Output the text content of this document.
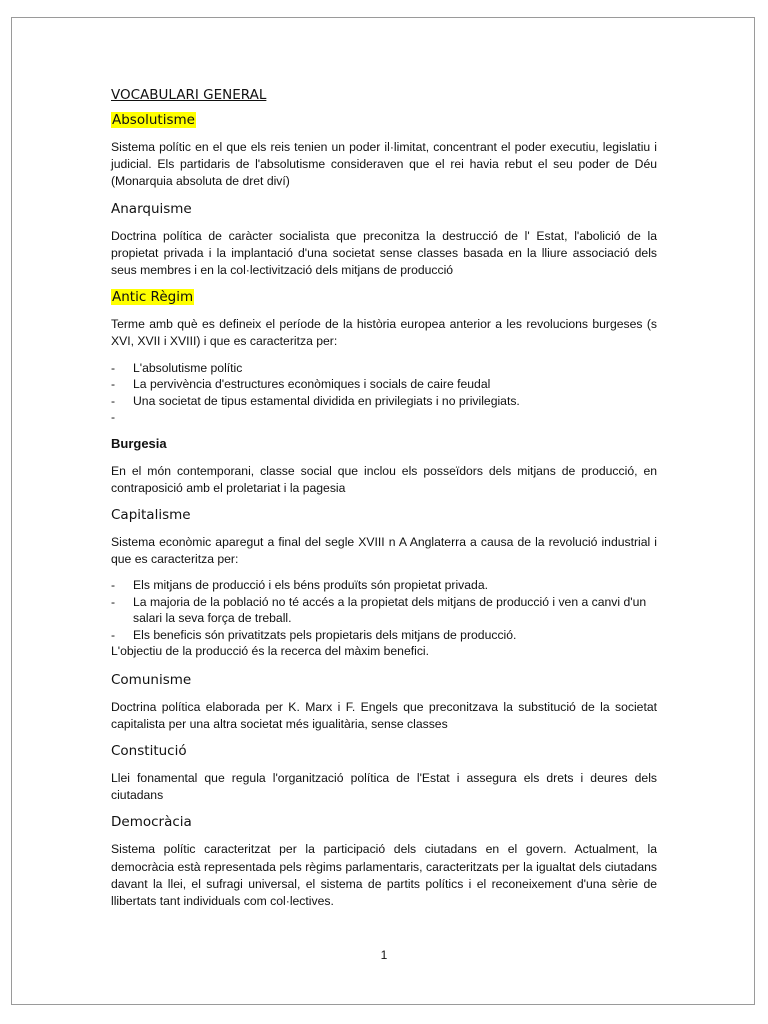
VOCABULARI GENERAL
Absolutisme

Sistema polític en el que els reis tenien un poder il·limitat, concentrant el poder executiu, legislatiu i judicial. Els partidaris de l'absolutisme consideraven que el rei havia rebut el seu poder de Déu (Monarquia absoluta de dret diví)

Anarquisme

Doctrina política de caràcter socialista que preconitza la destrucció de l' Estat, l'abolició de la propietat privada i la implantació d'una societat sense classes basada en la lliure associació dels seus membres i en la col·lectivització dels mitjans de producció

Antic Règim

Terme amb què es defineix el període de la història europea anterior a les revolucions burgeses (s XVI, XVII i XVIII) i que es caracteritza per:

- L'absolutisme polític
- La pervivència d'estructures econòmiques i socials de caire feudal
- Una societat de tipus estamental dividida en privilegiats i no privilegiats.
-

Burgesia

En el món contemporani, classe social que inclou els posseïdors dels mitjans de producció, en contraposició amb el proletariat i la pagesia

Capitalisme

Sistema econòmic aparegut a final del segle XVIII n A Anglaterra a causa de la revolució industrial i que es caracteritza per:

- Els mitjans de producció i els béns produïts són propietat privada.
- La majoria de la població no té accés a la propietat dels mitjans de producció i ven a canvi d'un salari la seva força de treball.
- Els beneficis són privatitzats pels propietaris dels mitjans de producció.

L'objectiu de la producció és la recerca del màxim benefici.

Comunisme

Doctrina política elaborada per K. Marx i F. Engels que preconitzava la substitució de la societat capitalista per una altra societat més igualitària, sense classes

Constitució

Llei fonamental que regula l'organització política de l'Estat i assegura els drets i deures dels ciutadans

Democràcia

Sistema polític caracteritzat per la participació dels ciutadans en el govern. Actualment, la democràcia està representada pels règims parlamentaris, caracteritzats per la igualtat dels ciutadans davant la llei, el sufragi universal, el sistema de partits polítics i el reconeixement d'una sèrie de llibertats tant individuals com col·lectives.

1
